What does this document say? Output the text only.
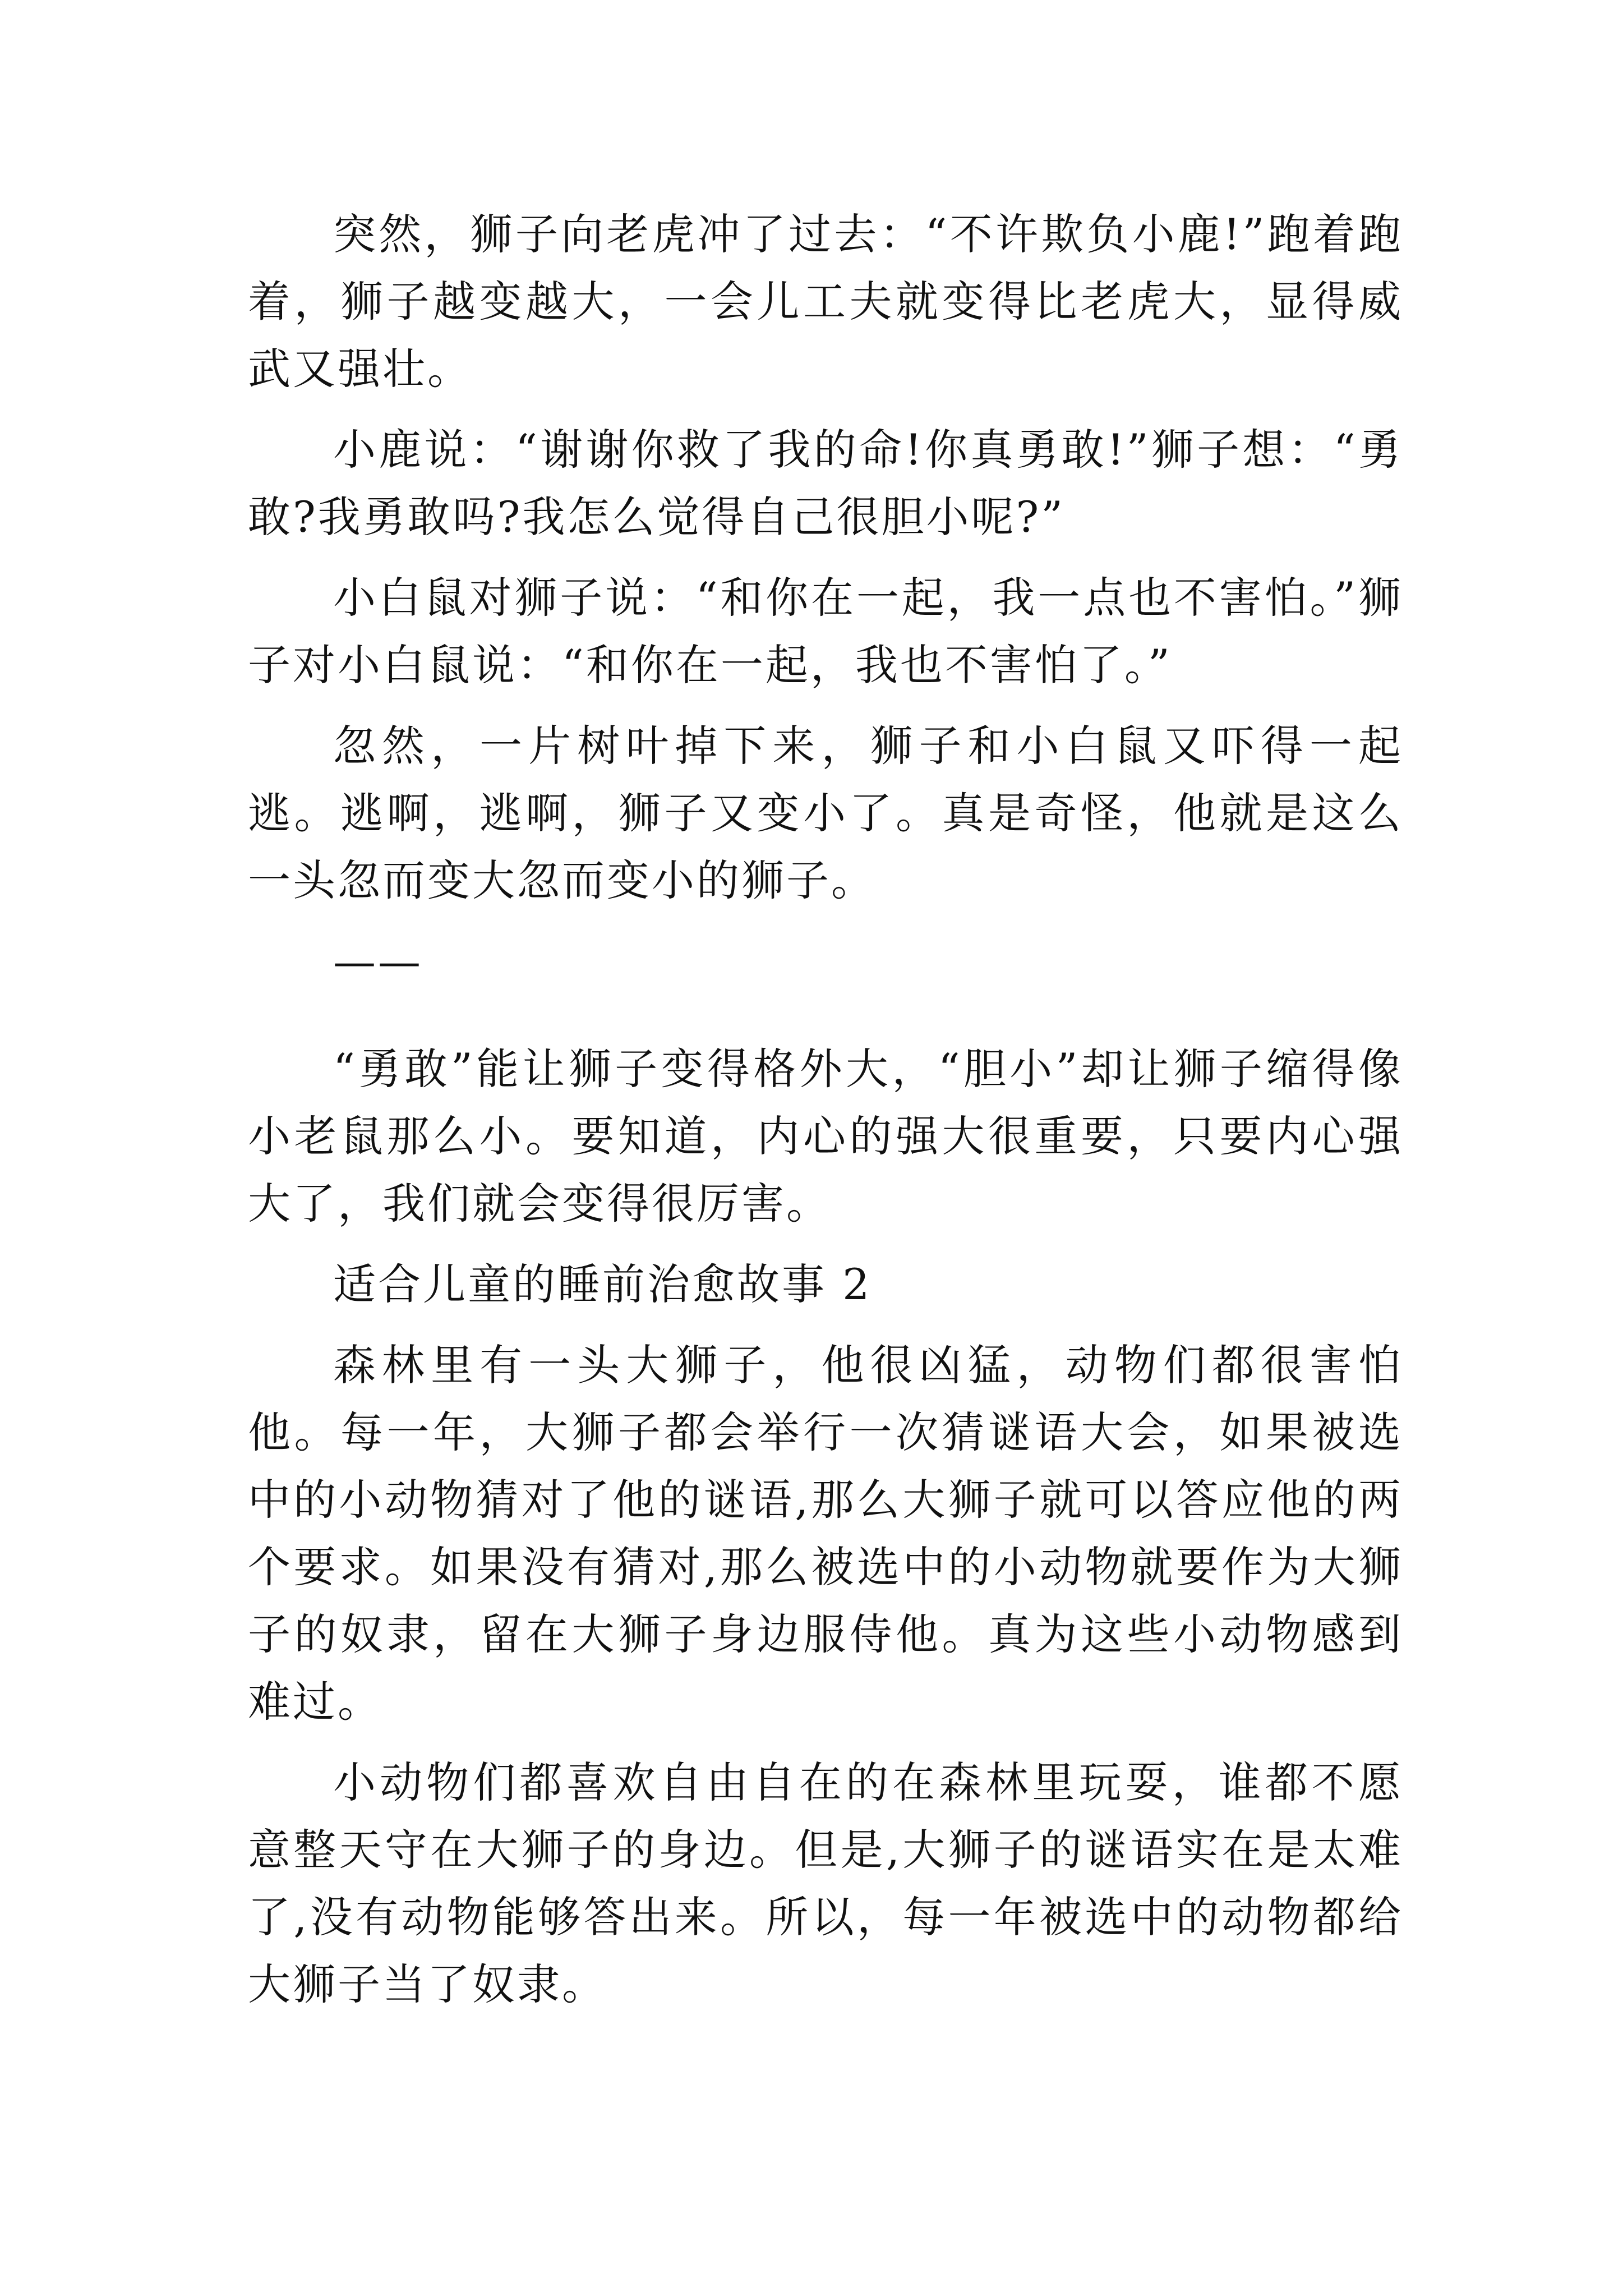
突然，狮子向老虎冲了过去：“不许欺负小鹿!”跑着跑着，狮子越变越大，一会儿工夫就变得比老虎大，显得威武又强壮。

小鹿说：“谢谢你救了我的命!你真勇敢!”狮子想：“勇敢?我勇敢吗?我怎么觉得自己很胆小呢?”

小白鼠对狮子说：“和你在一起，我一点也不害怕。”狮子对小白鼠说：“和你在一起，我也不害怕了。”

忽然，一片树叶掉下来，狮子和小白鼠又吓得一起逃。逃啊，逃啊，狮子又变小了。真是奇怪，他就是这么一头忽而变大忽而变小的狮子。

——

“勇敢”能让狮子变得格外大，“胆小”却让狮子缩得像小老鼠那么小。要知道，内心的强大很重要，只要内心强大了，我们就会变得很厉害。

适合儿童的睡前治愈故事 2

森林里有一头大狮子，他很凶猛，动物们都很害怕他。每一年，大狮子都会举行一次猜谜语大会，如果被选中的小动物猜对了他的谜语,那么大狮子就可以答应他的两个要求。如果没有猜对,那么被选中的小动物就要作为大狮子的奴隶，留在大狮子身边服侍他。真为这些小动物感到难过。

小动物们都喜欢自由自在的在森林里玩耍，谁都不愿意整天守在大狮子的身边。但是,大狮子的谜语实在是太难了,没有动物能够答出来。所以，每一年被选中的动物都给大狮子当了奴隶。
